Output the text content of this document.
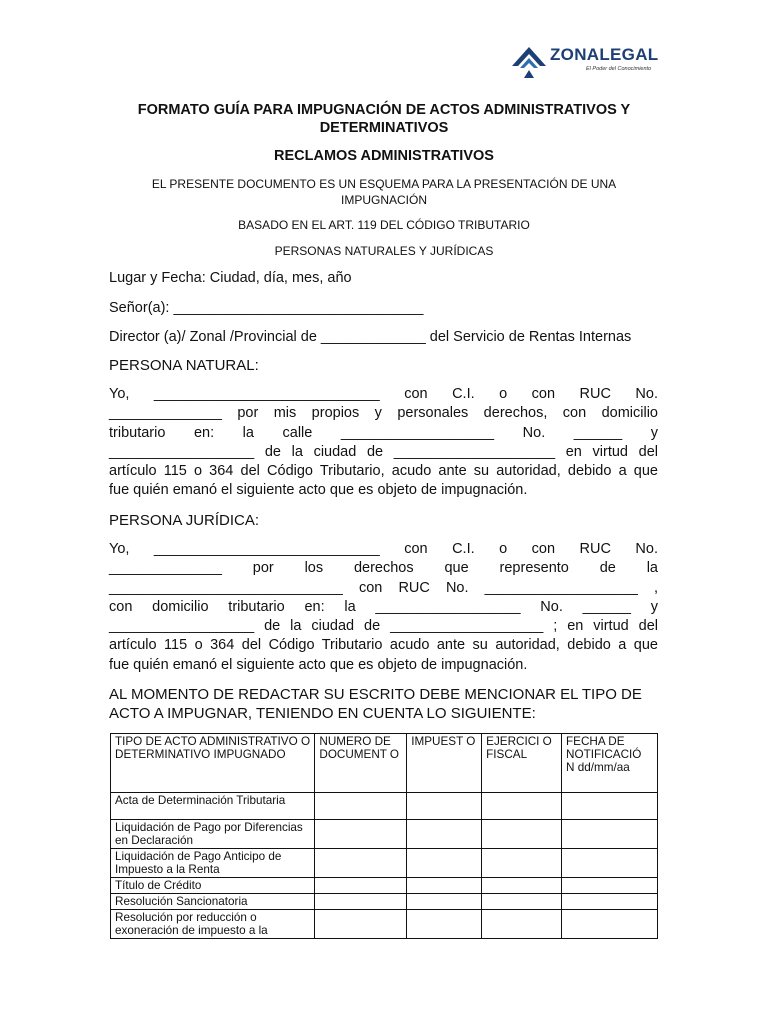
ZONALEGAL
El Poder del Conocimiento
FORMATO GUÍA PARA IMPUGNACIÓN DE ACTOS ADMINISTRATIVOS Y
DETERMINATIVOS
RECLAMOS ADMINISTRATIVOS
EL PRESENTE DOCUMENTO ES UN ESQUEMA PARA LA PRESENTACIÓN DE UNA
IMPUGNACIÓN
BASADO EN EL ART. 119 DEL CÓDIGO TRIBUTARIO
PERSONAS NATURALES Y JURÍDICAS
Lugar y Fecha: Ciudad, día, mes, año
Señor(a): _______________________________
Director (a)/ Zonal /Provincial de _____________ del Servicio de Rentas Internas
PERSONA NATURAL:
Yo, ____________________________ con C.I. o con RUC No.
______________ por mis propios y personales derechos, con domicilio
tributario en: la calle ___________________ No. ______ y
__________________ de la ciudad de ____________________ en virtud del
artículo 115 o 364 del Código Tributario, acudo ante su autoridad, debido a que
fue quién emanó el siguiente acto que es objeto de impugnación.
PERSONA JURÍDICA:
Yo, ____________________________ con C.I. o con RUC No.
______________ por los derechos que represento de la
_____________________________ con RUC No. ___________________ ,
con domicilio tributario en: la __________________ No. ______ y
__________________ de la ciudad de ___________________ ; en virtud del
artículo 115 o 364 del Código Tributario acudo ante su autoridad, debido a que
fue quién emanó el siguiente acto que es objeto de impugnación.
AL MOMENTO DE REDACTAR SU ESCRITO DEBE MENCIONAR EL TIPO DE
ACTO A IMPUGNAR, TENIENDO EN CUENTA LO SIGUIENTE:
TIPO DE ACTO ADMINISTRATIVO O DETERMINATIVO IMPUGNADO	NUMERO DE DOCUMENT O	IMPUEST O	EJERCICI O FISCAL	FECHA DE NOTIFICACIÓ N dd/mm/aa
Acta de Determinación Tributaria				
Liquidación de Pago por Diferencias en Declaración				
Liquidación de Pago Anticipo de Impuesto a la Renta				
Título de Crédito				
Resolución Sancionatoria				
Resolución por reducción o exoneración de impuesto a la				
